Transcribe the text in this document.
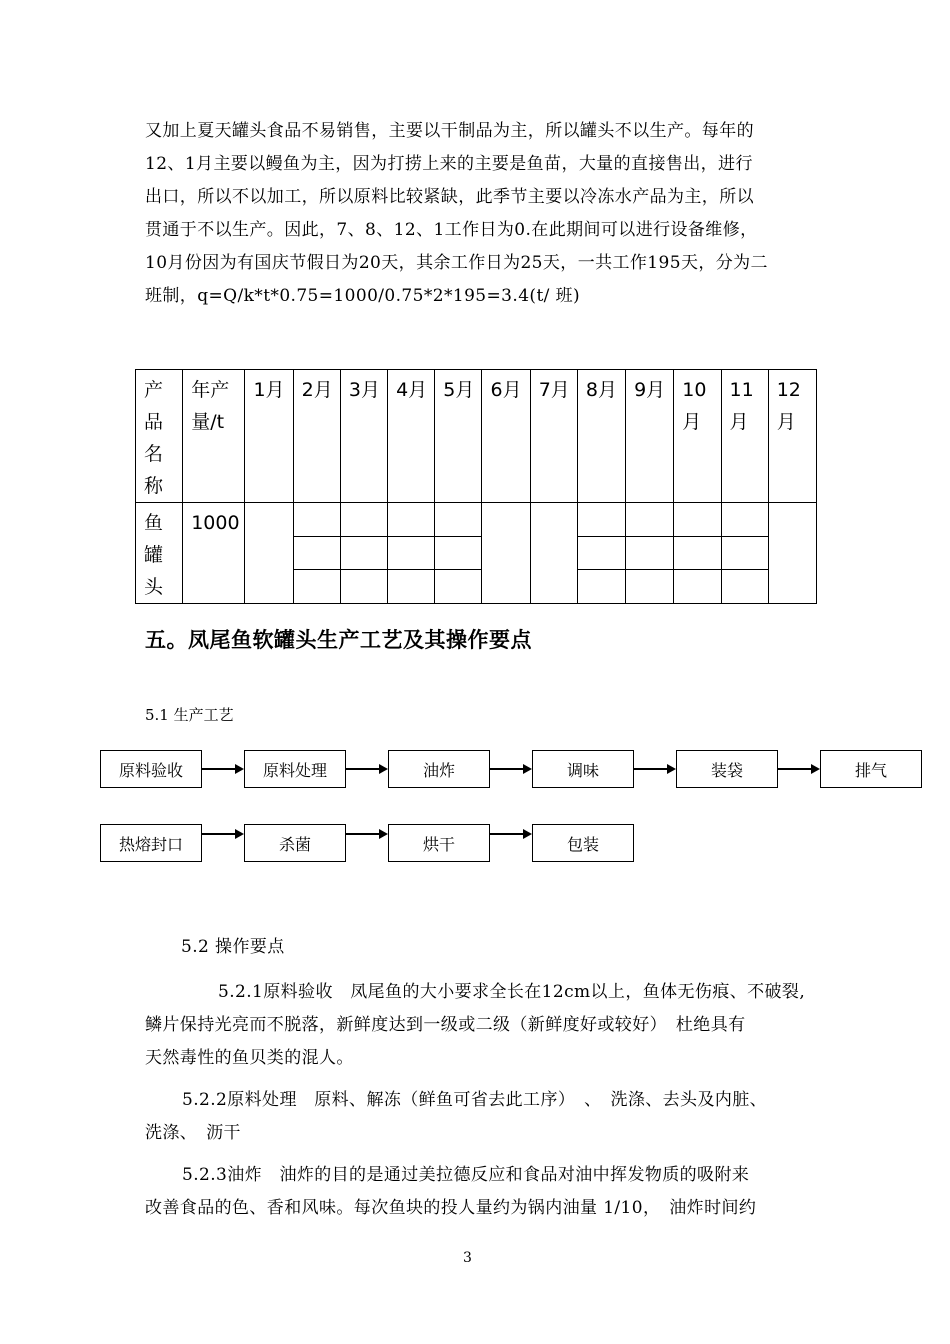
又加上夏天罐头食品不易销售，主要以干制品为主，所以罐头不以生产。每年的
12、1月主要以鳗鱼为主，因为打捞上来的主要是鱼苗，大量的直接售出，进行
出口，所以不以加工，所以原料比较紧缺，此季节主要以冷冻水产品为主，所以
贯通于不以生产。因此，7、8、12、1工作日为0.在此期间可以进行设备维修，
10月份因为有国庆节假日为20天，其余工作日为25天，一共工作195天，分为二
班制，q=Q/k*t*0.75=1000/0.75*2*195=3.4(t/ 班)
产品名称	年产量/t	1月	2月	3月	4月	5月	6月	7月	8月	9月	10月	11月	12月
鱼罐头	1000												

五。凤尾鱼软罐头生产工艺及其操作要点
5.1 生产工艺
原料验收	原料处理	油炸	调味	装袋	排气
热熔封口	杀菌	烘干	包装
5.2 操作要点
5.2.1原料验收　凤尾鱼的大小要求全长在12cm以上，鱼体无伤痕、不破裂,
鳞片保持光亮而不脱落，新鲜度达到一级或二级（新鲜度好或较好）　杜绝具有
天然毒性的鱼贝类的混人。
5.2.2原料处理　原料、解冻（鲜鱼可省去此工序）　、　洗涤、去头及内脏、
洗涤、　沥干
5.2.3油炸　油炸的目的是通过美拉德反应和食品对油中挥发物质的吸附来
改善食品的色、香和风味。每次鱼块的投人量约为锅内油量 1/10，　油炸时间约
3
